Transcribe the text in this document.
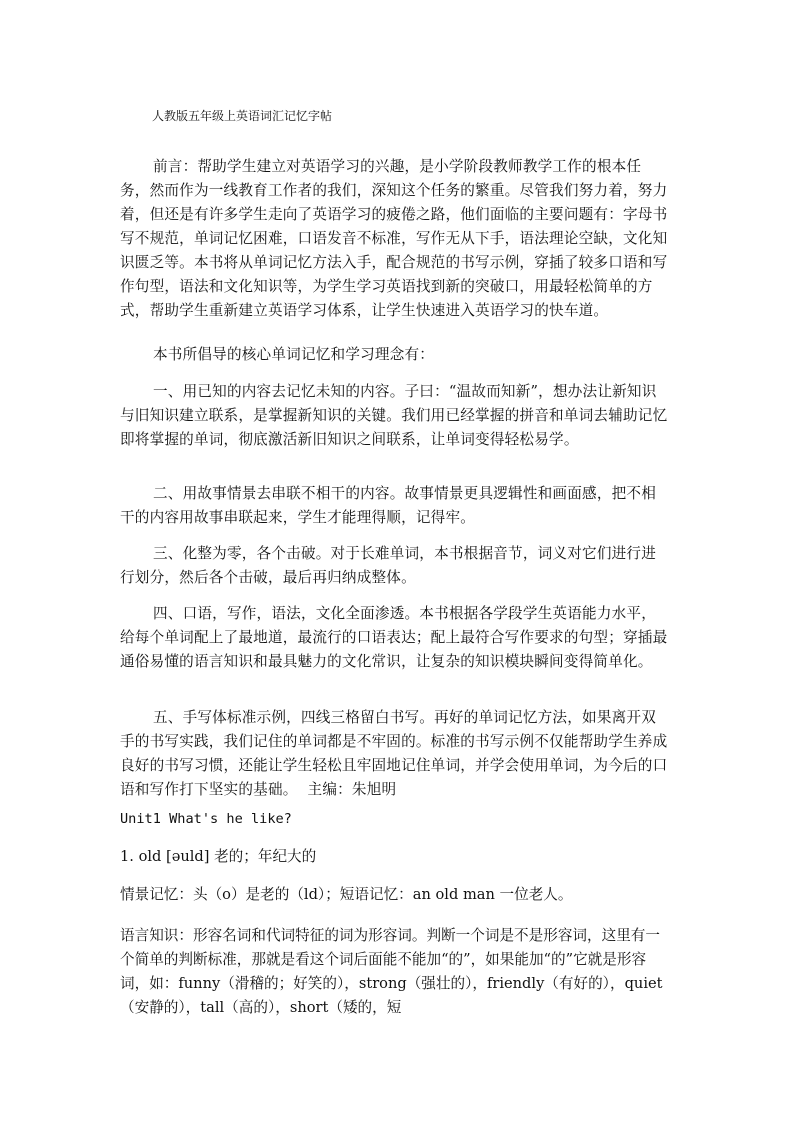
人教版五年级上英语词汇记忆字帖

前言：帮助学生建立对英语学习的兴趣，是小学阶段教师教学工作的根本任务，然而作为一线教育工作者的我们，深知这个任务的繁重。尽管我们努力着，努力着，但还是有许多学生走向了英语学习的疲倦之路，他们面临的主要问题有：字母书写不规范，单词记忆困难，口语发音不标准，写作无从下手，语法理论空缺，文化知识匮乏等。本书将从单词记忆方法入手，配合规范的书写示例，穿插了较多口语和写作句型，语法和文化知识等，为学生学习英语找到新的突破口，用最轻松简单的方式，帮助学生重新建立英语学习体系，让学生快速进入英语学习的快车道。

本书所倡导的核心单词记忆和学习理念有：

一、用已知的内容去记忆未知的内容。子曰：“温故而知新”，想办法让新知识与旧知识建立联系，是掌握新知识的关键。我们用已经掌握的拼音和单词去辅助记忆即将掌握的单词，彻底激活新旧知识之间联系，让单词变得轻松易学。

二、用故事情景去串联不相干的内容。故事情景更具逻辑性和画面感，把不相干的内容用故事串联起来，学生才能理得顺，记得牢。

三、化整为零，各个击破。对于长难单词，本书根据音节，词义对它们进行进行划分，然后各个击破，最后再归纳成整体。

四、口语，写作，语法，文化全面渗透。本书根据各学段学生英语能力水平，给每个单词配上了最地道，最流行的口语表达；配上最符合写作要求的句型；穿插最通俗易懂的语言知识和最具魅力的文化常识，让复杂的知识模块瞬间变得简单化。

五、手写体标准示例，四线三格留白书写。再好的单词记忆方法，如果离开双手的书写实践，我们记住的单词都是不牢固的。标准的书写示例不仅能帮助学生养成良好的书写习惯，还能让学生轻松且牢固地记住单词，并学会使用单词，为今后的口语和写作打下坚实的基础。 主编：朱旭明

Unit1 What's he like?

1. old [əuld] 老的；年纪大的

情景记忆：头（o）是老的（ld）；短语记忆：an old man 一位老人。

语言知识：形容名词和代词特征的词为形容词。判断一个词是不是形容词，这里有一个简单的判断标准，那就是看这个词后面能不能加“的”，如果能加“的”它就是形容词，如：funny（滑稽的；好笑的），strong（强壮的），friendly（有好的），quiet（安静的），tall（高的），short（矮的，短
